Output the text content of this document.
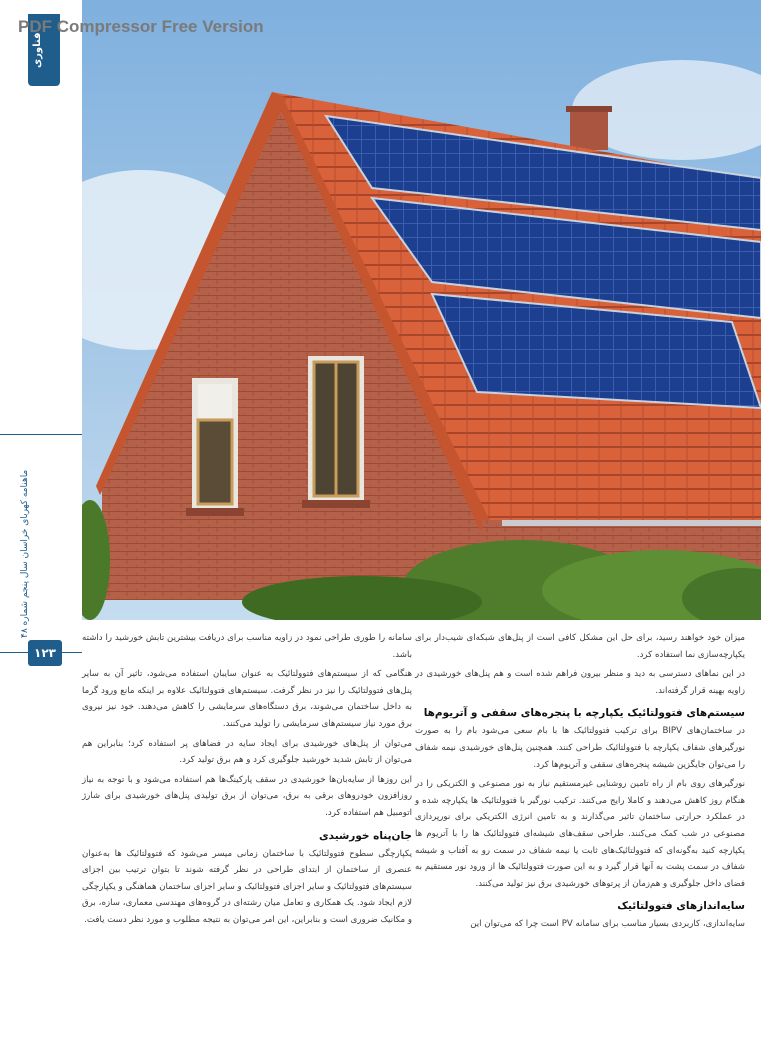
فناوری
ماهنامه کهربای خراسان سال پنجم شماره ۴۸
۱۲۳
PDF Compressor Free Version

میزان خود خواهند رسید، برای حل این مشکل کافی است از پنل‌های شبکه‌ای شیب‌دار برای یکپارچه‌سازی نما استفاده کرد.

در این نماهای دسترسی به دید و منظر بیرون فراهم شده است و هم پنل‌های خورشیدی در زاویه بهینه قرار گرفته‌اند.

سیستم‌های فتوولتائیک یکپارچه با پنجره‌های سقفی و آتریوم‌ها

در ساختمان‌های BIPV برای ترکیب فتوولتائیک ها با بام سعی می‌شود بام را به صورت نورگیرهای شفاف یکپارچه با فتوولتائیک طراحی کنند. همچنین پنل‌های خورشیدی نیمه شفاف را می‌توان جایگزین شیشه پنجره‌های سقفی و آتریوم‌ها کرد.

نورگیرهای روی بام از راه تامین روشنایی غیرمستقیم نیاز به نور مصنوعی و الکتریکی را در هنگام روز کاهش می‌دهند و کاملا رایج می‌کنند. ترکیب نورگیر با فتوولتائیک ها یکپارچه شده و در عملکرد حرارتی ساختمان تاثیر می‌گذارند و به تامین انرژی الکتریکی برای نورپردازی مصنوعی در شب کمک می‌کنند. طراحی سقف‌های شیشه‌ای فتوولتائیک ها را با آتریوم ها یکپارچه کنید به‌گونه‌ای که فتوولتائیک‌های ثابت یا نیمه شفاف در سمت رو به آفتاب و شیشه شفاف در سمت پشت به آنها قرار گیرد و به این صورت فتوولتائیک ها از ورود نور مستقیم به فضای داخل جلوگیری و هم‌زمان از پرتوهای خورشیدی برق نیز تولید می‌کنند.

سایه‌اندازهای فتوولتائیک

سایه‌اندازی، کاربردی بسیار مناسب برای سامانه PV است چرا که می‌توان این

سامانه را طوری طراحی نمود در زاویه مناسب برای دریافت بیشترین تابش خورشید را داشته باشد.

هنگامی که از سیستم‌های فتوولتائیک به عنوان سایبان استفاده می‌شود، تاثیر آن به سایر پنل‌های فتوولتائیک را نیز در نظر گرفت. سیستم‌های فتوولتائیک علاوه بر اینکه مانع ورود گرما به داخل ساختمان می‌شوند، برق دستگاه‌های سرمایشی را کاهش می‌دهند. خود نیز نیروی برق مورد نیاز سیستم‌های سرمایشی را تولید می‌کنند.

می‌توان از پنل‌های خورشیدی برای ایجاد سایه در فضاهای پر استفاده کرد؛ بنابراین هم می‌توان از تابش شدید خورشید جلوگیری کرد و هم برق تولید کرد.

این روزها از سایه‌بان‌ها خورشیدی در سقف پارکینگ‌ها هم استفاده می‌شود و با توجه به نیاز روزافزون خودروهای برقی به برق، می‌توان از برق تولیدی پنل‌های خورشیدی برای شارژ اتومبیل هم استفاده کرد.

جان‌پناه خورشیدی

یکپارچگی سطوح فتوولتائیک با ساختمان زمانی میسر می‌شود که فتوولتائیک ها به‌عنوان عنصری از ساختمان از ابتدای طراحی در نظر گرفته شوند تا بتوان ترتیب بین اجزای سیستم‌های فتوولتائیک و سایر اجزای فتوولتائیک و سایر اجزای ساختمان هماهنگی و یکپارچگی لازم ایجاد شود. یک همکاری و تعامل میان رشته‌ای در گروه‌های مهندسی معماری، سازه، برق و مکانیک ضروری است و بنابراین، این امر می‌توان به نتیجه مطلوب و مورد نظر دست یافت.
